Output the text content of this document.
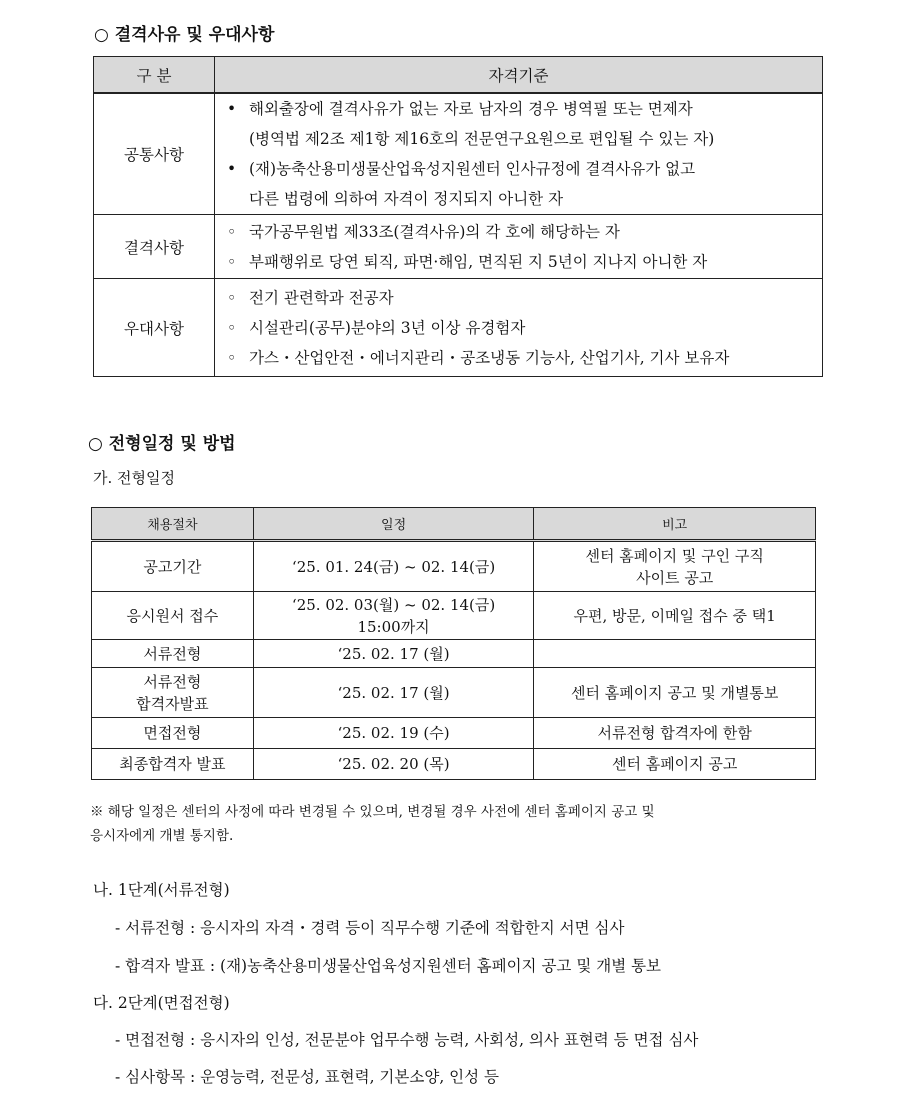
○ 결격사유 및 우대사항
구 분	자격기준
공통사항	• 해외출장에 결격사유가 없는 자로 남자의 경우 병역필 또는 면제자
(병역법 제2조 제1항 제16호의 전문연구요원으로 편입될 수 있는 자)
• (재)농축산용미생물산업육성지원센터 인사규정에 결격사유가 없고
다른 법령에 의하여 자격이 정지되지 아니한 자

결격사항	◦ 국가공무원법 제33조(결격사유)의 각 호에 해당하는 자
◦ 부패행위로 당연 퇴직, 파면·해임, 면직된 지 5년이 지나지 아니한 자

우대사항	◦ 전기 관련학과 전공자
◦ 시설관리(공무)분야의 3년 이상 유경험자
◦ 가스・산업안전・에너지관리・공조냉동 기능사, 산업기사, 기사 보유자
○ 전형일정 및 방법
가. 전형일정
채용절차	일정	비고

공고기간	‘25. 01. 24(금) ~ 02. 14(금)	센터 홈페이지 및 구인 구직
사이트 공고

응시원서 접수	‘25. 02. 03(월) ~ 02. 14(금)
15:00까지	우편, 방문, 이메일 접수 중 택1

서류전형	‘25. 02. 17 (월)	

서류전형
합격자발표	‘25. 02. 17 (월)	센터 홈페이지 공고 및 개별통보

면접전형	‘25. 02. 19 (수)	서류전형 합격자에 한함

최종합격자 발표	‘25. 02. 20 (목)	센터 홈페이지 공고
※ 해당 일정은 센터의 사정에 따라 변경될 수 있으며, 변경될 경우 사전에 센터 홈페이지 공고 및
응시자에게 개별 통지함.
나. 1단계(서류전형)
- 서류전형 : 응시자의 자격・경력 등이 직무수행 기준에 적합한지 서면 심사
- 합격자 발표 : (재)농축산용미생물산업육성지원센터 홈페이지 공고 및 개별 통보
다. 2단계(면접전형)
- 면접전형 : 응시자의 인성, 전문분야 업무수행 능력, 사회성, 의사 표현력 등 면접 심사
- 심사항목 : 운영능력, 전문성, 표현력, 기본소양, 인성 등
